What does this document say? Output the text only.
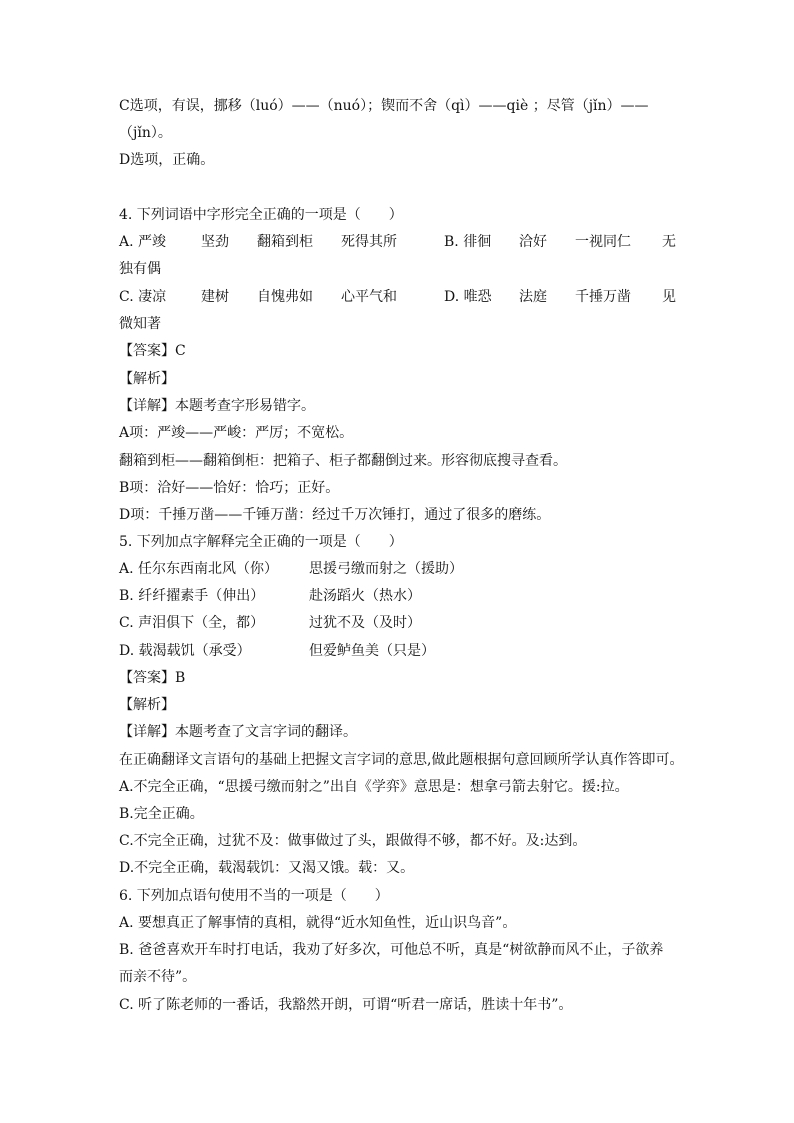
C选项，有误，挪移（luó）——（nuó）；锲而不舍（qì）——qiè ；尽管（jǐn）——
（jǐn）。
D选项，正确。
4. 下列词语中字形完全正确的一项是（　　）
A. 严竣 坚劲 翻箱到柜 死得其所	B. 徘徊 洽好 一视同仁 无
独有偶
C. 凄凉 建树 自愧弗如 心平气和	D. 唯恐 法庭 千捶万凿 见
微知著
【答案】C
【解析】
【详解】本题考查字形易错字。
A项：严竣——严峻：严厉；不宽松。
翻箱到柜——翻箱倒柜：把箱子、柜子都翻倒过来。形容彻底搜寻查看。
B项：洽好——恰好：恰巧；正好。
D项：千捶万凿——千锤万凿：经过千万次锤打，通过了很多的磨练。
5. 下列加点字解释完全正确的一项是（　　）
A. 任尔东西南北风（你） 思援弓缴而射之（援助）
B. 纤纤擢素手（伸出）	赴汤蹈火（热水）
C. 声泪俱下（全，都）	过犹不及（及时）
D. 载渴载饥（承受）	但爱鲈鱼美（只是）
【答案】B
【解析】
【详解】本题考查了文言字词的翻译。
在正确翻译文言语句的基础上把握文言字词的意思,做此题根据句意回顾所学认真作答即可。
A.不完全正确，“思援弓缴而射之”出自《学弈》意思是：想拿弓箭去射它。援:拉。
B.完全正确。
C.不完全正确，过犹不及：做事做过了头，跟做得不够，都不好。及:达到。
D.不完全正确，载渴载饥：又渴又饿。载：又。
6. 下列加点语句使用不当的一项是（　　）
A. 要想真正了解事情的真相，就得“近水知鱼性，近山识鸟音”。
B. 爸爸喜欢开车时打电话，我劝了好多次，可他总不听，真是“树欲静而风不止，子欲养
而亲不待”。
C. 听了陈老师的一番话，我豁然开朗，可谓“听君一席话，胜读十年书”。
